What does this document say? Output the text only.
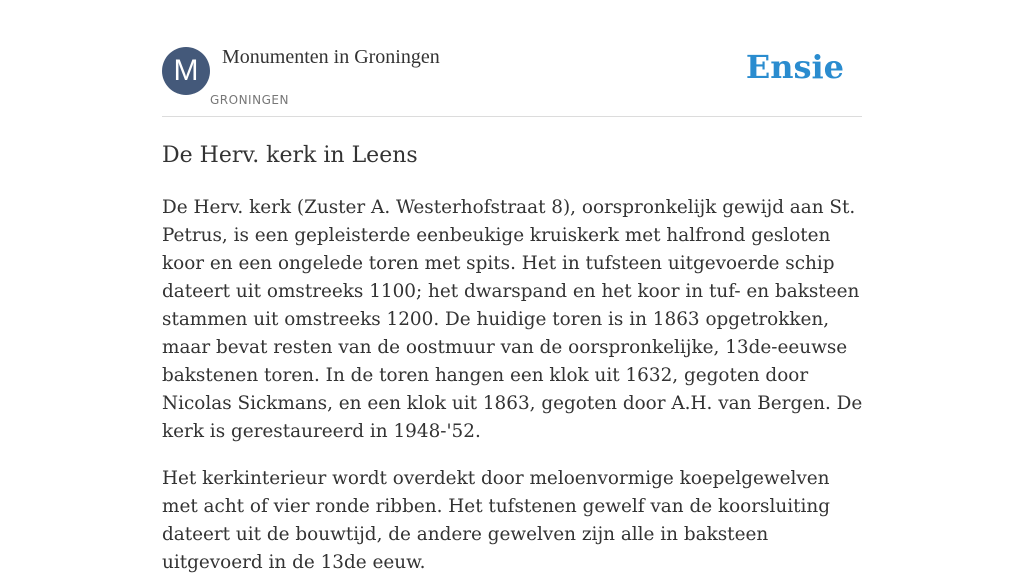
M	Monumenten in Groningen
GRONINGEN
Ensie
De Herv. kerk in Leens

De Herv. kerk (Zuster A. Westerhofstraat 8), oorspronkelijk gewijd aan St. Petrus, is een gepleisterde eenbeukige kruiskerk met halfrond gesloten koor en een ongelede toren met spits. Het in tufsteen uitgevoerde schip dateert uit omstreeks 1100; het dwarspand en het koor in tuf- en baksteen stammen uit omstreeks 1200. De huidige toren is in 1863 opgetrokken, maar bevat resten van de oostmuur van de oorspronkelijke, 13de-eeuwse bakstenen toren. In de toren hangen een klok uit 1632, gegoten door Nicolas Sickmans, en een klok uit 1863, gegoten door A.H. van Bergen. De kerk is gerestaureerd in 1948-'52.

Het kerkinterieur wordt overdekt door meloenvormige koepelgewelven met acht of vier ronde ribben. Het tufstenen gewelf van de koorsluiting dateert uit de bouwtijd, de andere gewelven zijn alle in baksteen uitgevoerd in de 13de eeuw.
